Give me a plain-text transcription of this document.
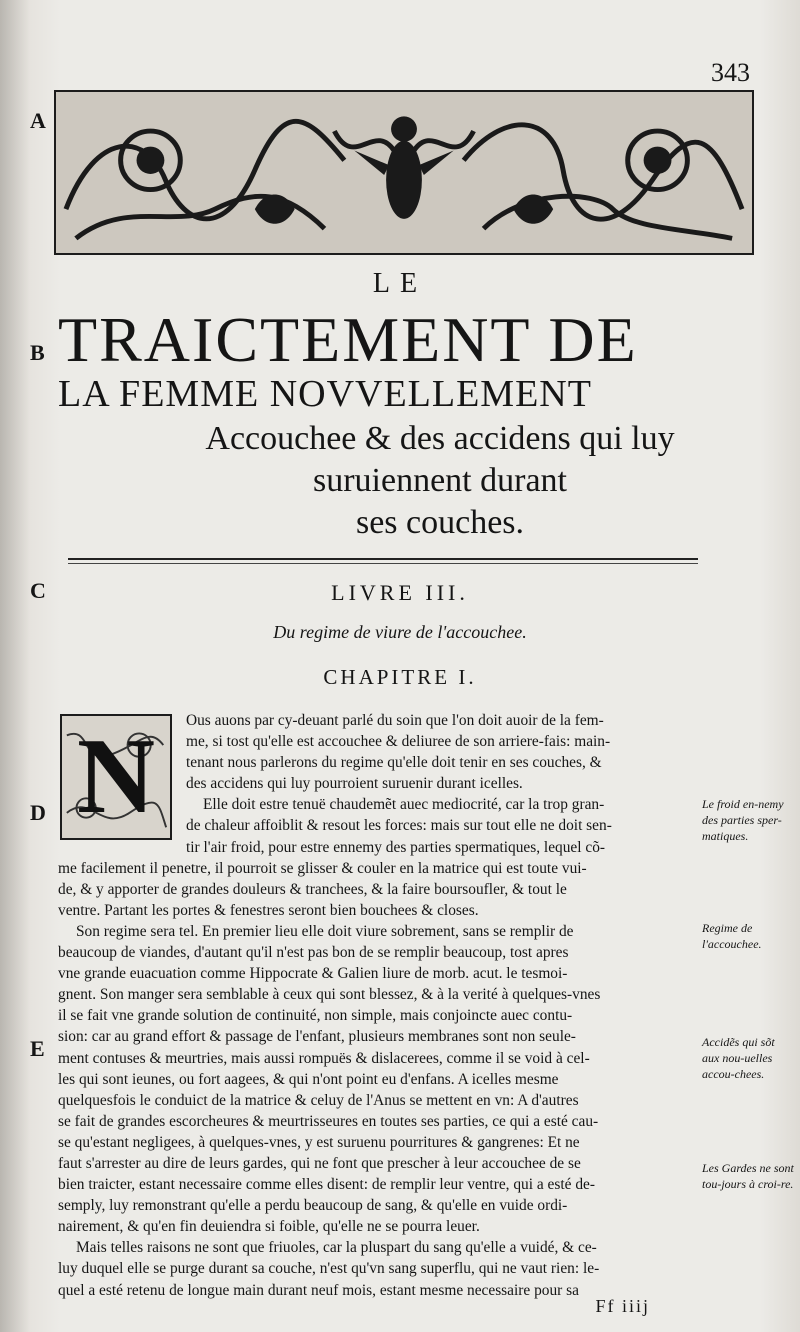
343
A
B
C
D
E
LE
TRAICTEMENT DE
LA FEMME NOVVELLEMENT
Accouchee & des accidens qui luy
suruiennent durant
ses couches.
LIVRE III.
Du regime de viure de l'accouchee.
CHAPITRE I.
N	Ous auons par cy-deuant parlé du soin que l'on doit auoir de la fem-
me, si tost qu'elle est accouchee & deliuree de son arriere-fais: main-
tenant nous parlerons du regime qu'elle doit tenir en ses couches, &
des accidens qui luy pourroient suruenir durant icelles.
Elle doit estre tenuë chaudemẽt auec mediocrité, car la trop gran-
de chaleur affoiblit & resout les forces: mais sur tout elle ne doit sen-
tir l'air froid, pour estre ennemy des parties spermatiques, lequel cõ-
me facilement il penetre, il pourroit se glisser & couler en la matrice qui est toute vui-
de, & y apporter de grandes douleurs & tranchees, & la faire boursoufler, & tout le
ventre. Partant les portes & fenestres seront bien bouchees & closes.
Son regime sera tel. En premier lieu elle doit viure sobrement, sans se remplir de
beaucoup de viandes, d'autant qu'il n'est pas bon de se remplir beaucoup, tost apres
vne grande euacuation comme Hippocrate & Galien liure de morb. acut. le tesmoi-
gnent. Son manger sera semblable à ceux qui sont blessez, & à la verité à quelques-vnes
il se fait vne grande solution de continuité, non simple, mais conjoincte auec contu-
sion: car au grand effort & passage de l'enfant, plusieurs membranes sont non seule-
ment contuses & meurtries, mais aussi rompuës & dislacerees, comme il se void à cel-
les qui sont ieunes, ou fort aagees, & qui n'ont point eu d'enfans. A icelles mesme
quelquesfois le conduict de la matrice & celuy de l'Anus se mettent en vn: A d'autres
se fait de grandes escorcheures & meurtrisseures en toutes ses parties, ce qui a esté cau-
se qu'estant negligees, à quelques-vnes, y est suruenu pourritures & gangrenes: Et ne
faut s'arrester au dire de leurs gardes, qui ne font que prescher à leur accouchee de se
bien traicter, estant necessaire comme elles disent: de remplir leur ventre, qui a esté de-
semply, luy remonstrant qu'elle a perdu beaucoup de sang, & qu'elle en vuide ordi-
nairement, & qu'en fin deuiendra si foible, qu'elle ne se pourra leuer.
Mais telles raisons ne sont que friuoles, car la pluspart du sang qu'elle a vuidé, & ce-
luy duquel elle se purge durant sa couche, n'est qu'vn sang superflu, qui ne vaut rien: le-
quel a esté retenu de longue main durant neuf mois, estant mesme necessaire pour sa
Le froid en-nemy des parties sper-matiques.
Regime de l'accouchee.
Accidẽs qui sõt aux nou-uelles accou-chees.
Les Gardes ne sont tou-jours à croi-re.
Ff iiij
